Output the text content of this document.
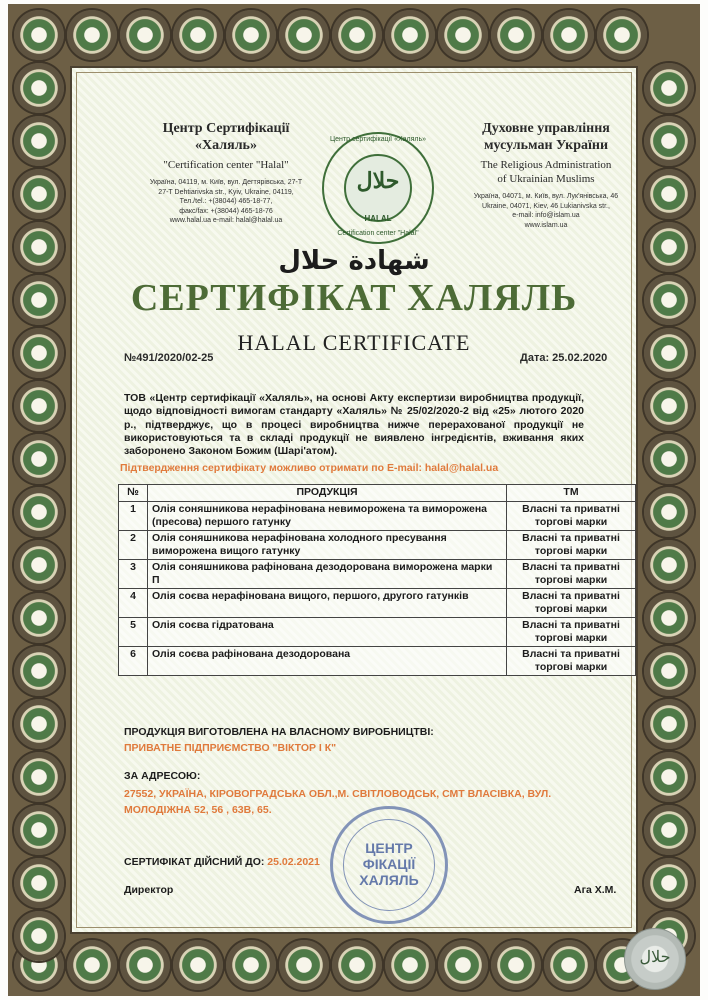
Центр Сертифікації
«Халяль»
"Certification center "Halal"
Україна, 04119, м. Київ, вул. Дегтярівська, 27-Т
27-T Dehtiarivska str., Kyiv, Ukraine, 04119,
Тел./tel.: +(38044) 465-18-77,
факс/fax: +(38044) 465-18-76
www.halal.ua e-mail: halal@halal.ua
Центр сертифікації «Халяль»
حلال
HALAL
Certification center "Halal"
Духовне управління
мусульман України
The Religious Administration
of Ukrainian Muslims
Україна, 04071, м. Київ, вул. Лук'янівська, 46
Ukraine, 04071, Kiev, 46 Lukianivska str.,
e-mail: info@islam.ua
www.islam.ua
شهادة حلال
СЕРТИФІКАТ ХАЛЯЛЬ
HALAL CERTIFICATE
№491/2020/02-25	Дата: 25.02.2020
ТОВ «Центр сертифікації «Халяль», на основі Акту експертизи виробництва продукції, щодо відповідності вимогам стандарту «Халяль» № 25/02/2020-2 від «25» лютого 2020 р., підтверджує, що в процесі виробництва нижче перерахованої продукції не використовуються та в складі продукції не виявлено інгредієнтів, вживання яких заборонено Законом Божим (Шарі'атом).
Підтвердження сертифікату можливо отримати по E-mail: halal@halal.ua
№	ПРОДУКЦІЯ	ТМ
1	Олія соняшникова нерафінована невиморожена та виморожена (пресова) першого гатунку	Власні та приватні торгові марки
2	Олія соняшникова нерафінована холодного пресування виморожена вищого гатунку	Власні та приватні торгові марки
3	Олія соняшникова рафінована дезодорована виморожена марки П	Власні та приватні торгові марки
4	Олія соєва нерафінована вищого, першого, другого гатунків	Власні та приватні торгові марки
5	Олія соєва гідратована	Власні та приватні торгові марки
6	Олія соєва рафінована дезодорована	Власні та приватні торгові марки
ПРОДУКЦІЯ ВИГОТОВЛЕНА НА ВЛАСНОМУ ВИРОБНИЦТВІ:
ПРИВАТНЕ ПІДПРИЄМСТВО "ВІКТОР І К"
ЗА АДРЕСОЮ:
27552, УКРАЇНА, КІРОВОГРАДСЬКА ОБЛ.,М. СВІТЛОВОДСЬК, СМТ ВЛАСІВКА, ВУЛ.
МОЛОДІЖНА 52, 56 , 63В, 65.
СЕРТИФІКАТ ДІЙСНИЙ ДО: 25.02.2021
Директор	Ага Х.М.
ЦЕНТР
ФІКАЦІЇ
ХАЛЯЛЬ
حلال
